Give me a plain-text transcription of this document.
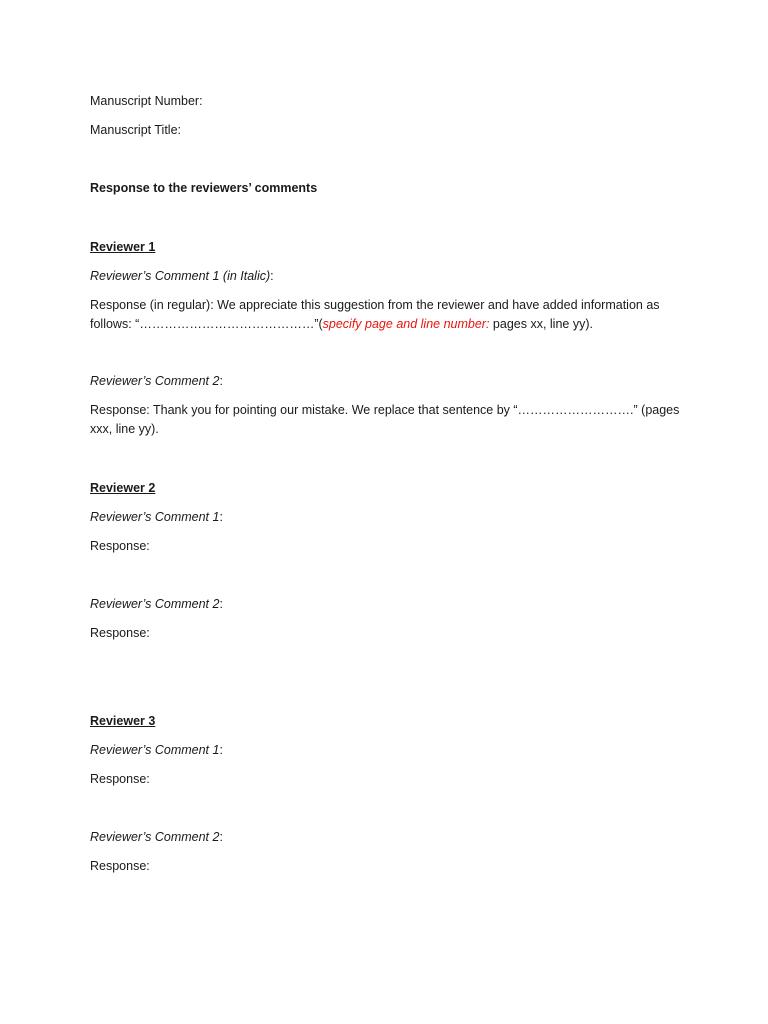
Manuscript Number:
Manuscript Title:
Response to the reviewers’ comments
Reviewer 1
Reviewer’s Comment 1 (in Italic):
Response (in regular): We appreciate this suggestion from the reviewer and have added information as follows: “……………………………………”(specify page and line number: pages xx, line yy).
Reviewer’s Comment 2:
Response: Thank you for pointing our mistake. We replace that sentence by “……………………….” (pages xxx, line yy).
Reviewer 2
Reviewer’s Comment 1:
Response:
Reviewer’s Comment 2:
Response:
Reviewer 3
Reviewer’s Comment 1:
Response:
Reviewer’s Comment 2:
Response:
